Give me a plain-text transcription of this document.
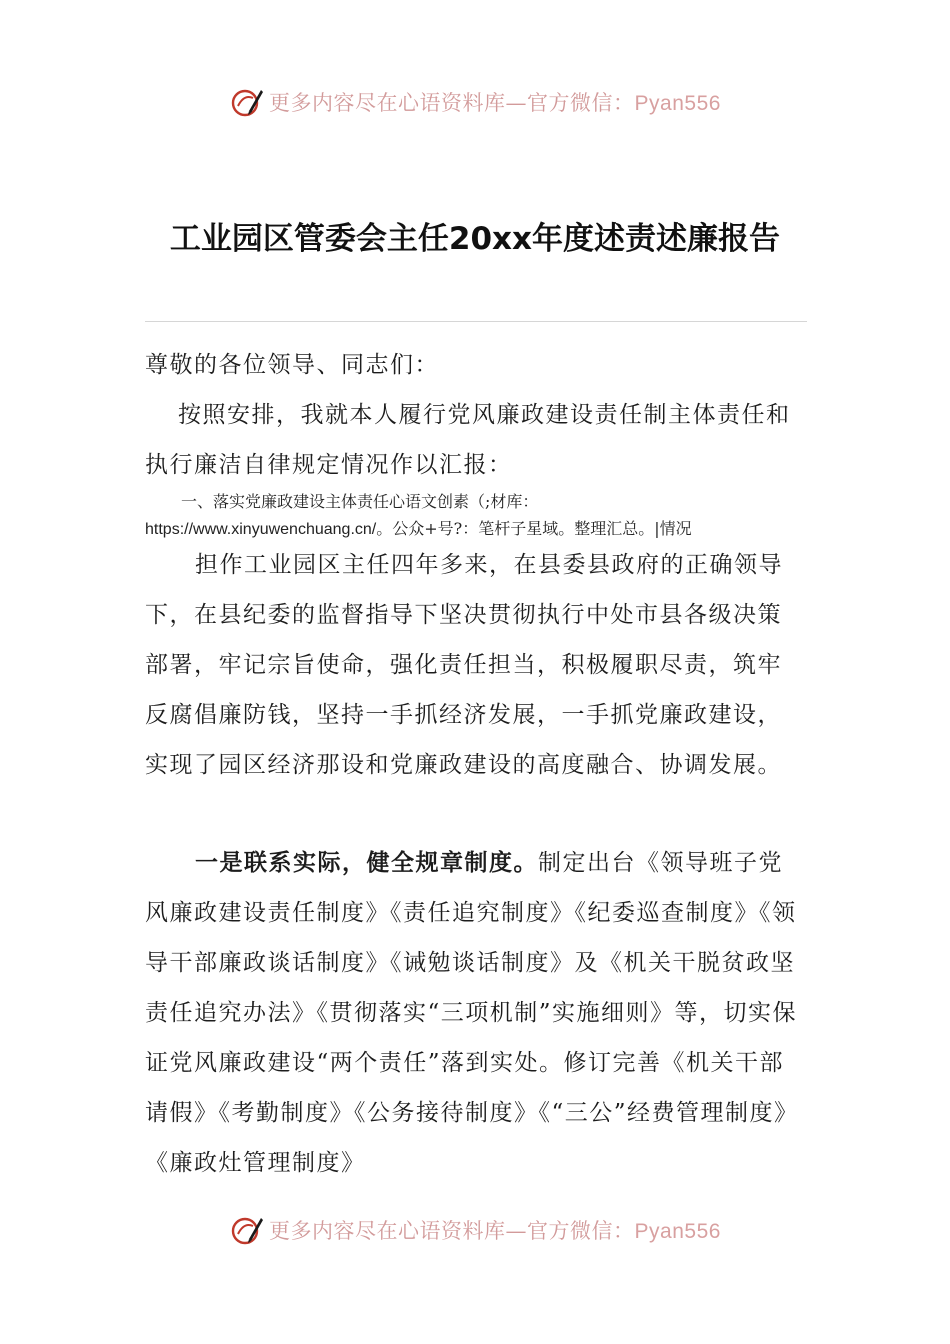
更多内容尽在心语资料库—官方微信：Pyan556
工业园区管委会主任20xx年度述责述廉报告

尊敬的各位领导、同志们：

按照安排，我就本人履行党风廉政建设责任制主体责任和执行廉洁自律规定情况作以汇报：

一、落实党廉政建设主体责任心语文创素（;材库：
https://www.xinyuwenchuang.cn/。公众+号?：笔杆子星域。整理汇总。|情况

担作工业园区主任四年多来，在县委县政府的正确领导下，在县纪委的监督指导下坚决贯彻执行中处市县各级决策部署，牢记宗旨使命，强化责任担当，积极履职尽责，筑牢反腐倡廉防钱，坚持一手抓经济发展，一手抓党廉政建设，实现了园区经济那设和党廉政建设的高度融合、协调发展。

一是联系实际，健全规章制度。制定出台《领导班子党风廉政建设责任制度》《责任追究制度》《纪委巡查制度》《领导干部廉政谈话制度》《诫勉谈话制度》及《机关干脱贫政坚责任追究办法》《贯彻落实“三项机制”实施细则》等，切实保证党风廉政建设“两个责任”落到实处。修订完善《机关干部请假》《考勤制度》《公务接待制度》《“三公”经费管理制度》《廉政灶管理制度》

更多内容尽在心语资料库—官方微信：Pyan556
